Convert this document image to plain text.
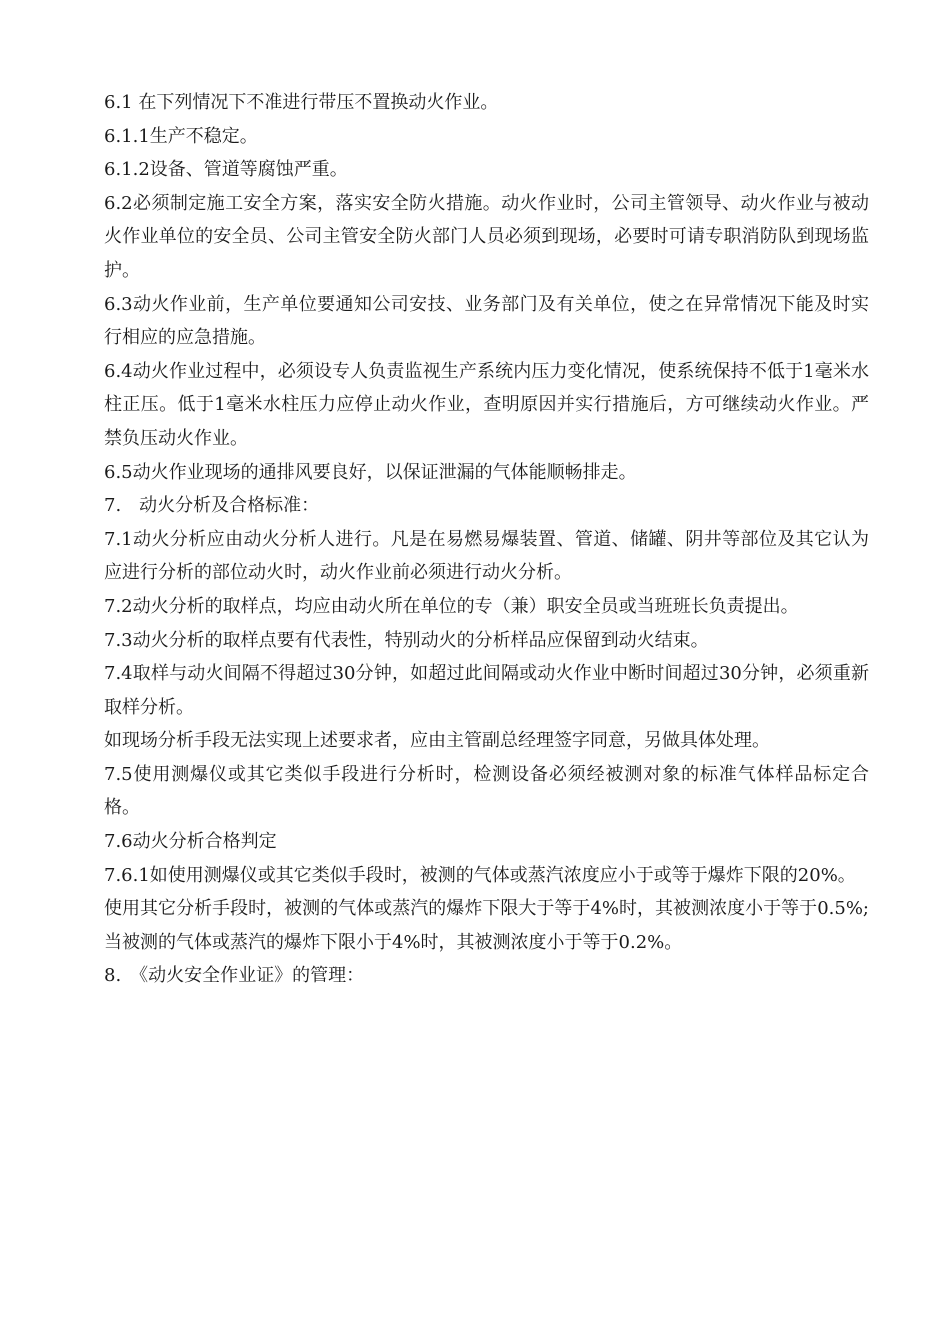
6.1 在下列情况下不准进行带压不置换动火作业。

6.1.1生产不稳定。

6.1.2设备、管道等腐蚀严重。

6.2必须制定施工安全方案，落实安全防火措施。动火作业时，公司主管领导、动火作业与被动火作业单位的安全员、公司主管安全防火部门人员必须到现场，必要时可请专职消防队到现场监护。

6.3动火作业前，生产单位要通知公司安技、业务部门及有关单位，使之在异常情况下能及时实行相应的应急措施。

6.4动火作业过程中，必须设专人负责监视生产系统内压力变化情况，使系统保持不低于1毫米水柱正压。低于1毫米水柱压力应停止动火作业，查明原因并实行措施后，方可继续动火作业。严禁负压动火作业。

6.5动火作业现场的通排风要良好，以保证泄漏的气体能顺畅排走。

7.　动火分析及合格标准：

7.1动火分析应由动火分析人进行。凡是在易燃易爆装置、管道、储罐、阴井等部位及其它认为应进行分析的部位动火时，动火作业前必须进行动火分析。

7.2动火分析的取样点，均应由动火所在单位的专（兼）职安全员或当班班长负责提出。

7.3动火分析的取样点要有代表性，特别动火的分析样品应保留到动火结束。

7.4取样与动火间隔不得超过30分钟，如超过此间隔或动火作业中断时间超过30分钟，必须重新取样分析。

如现场分析手段无法实现上述要求者，应由主管副总经理签字同意，另做具体处理。

7.5使用测爆仪或其它类似手段进行分析时，检测设备必须经被测对象的标准气体样品标定合格。

7.6动火分析合格判定

7.6.1如使用测爆仪或其它类似手段时，被测的气体或蒸汽浓度应小于或等于爆炸下限的20%。

使用其它分析手段时，被测的气体或蒸汽的爆炸下限大于等于4%时，其被测浓度小于等于0.5%;当被测的气体或蒸汽的爆炸下限小于4%时，其被测浓度小于等于0.2%。

8.　《动火安全作业证》的管理：
